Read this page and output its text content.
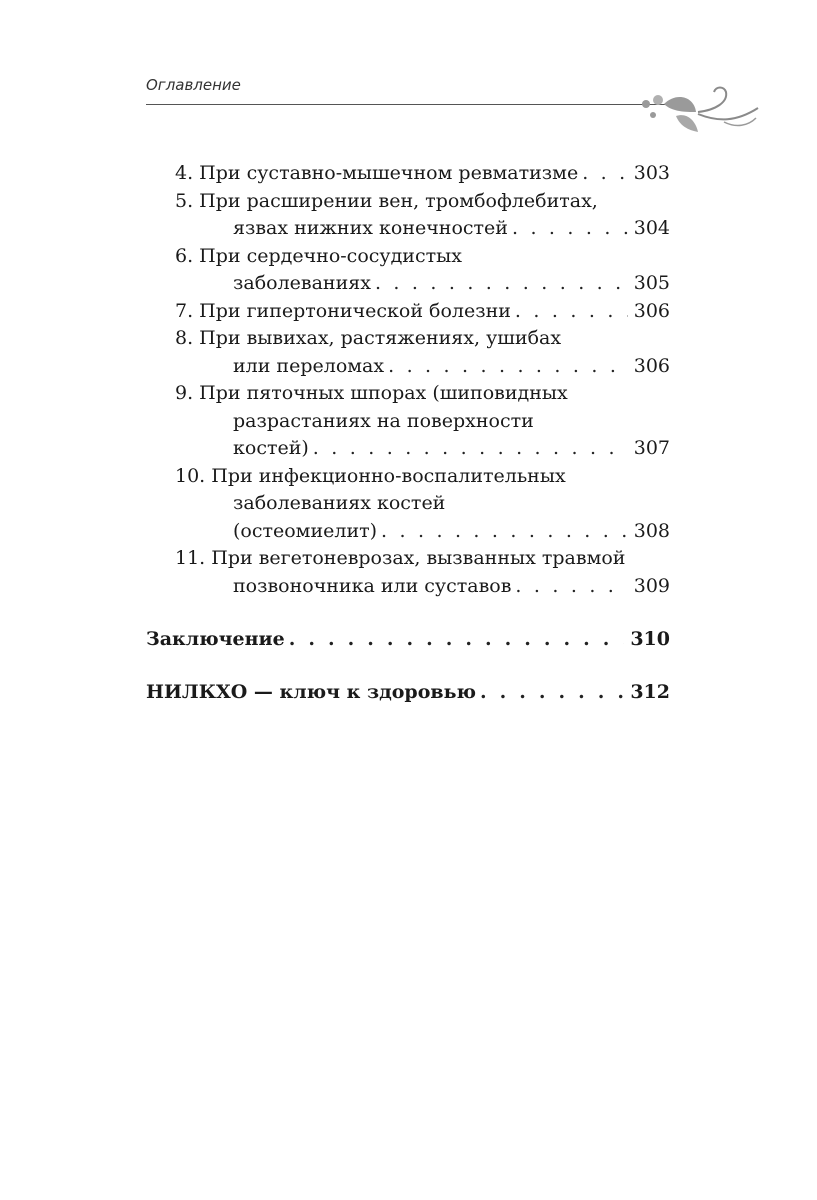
Оглавление
4. При суставно-мышечном ревматизме . . .	303
5. При расширении вен, тромбофлебитах,
язвах нижних конечностей . . .	304
6. При сердечно-сосудистых
заболеваниях . . .	305
7. При гипертонической болезни . . .	306
8. При вывихах, растяжениях, ушибах
или переломах . . .	306
9. При пяточных шпорах (шиповидных
разрастаниях на поверхности
костей) . . .	307
10. При инфекционно-воспалительных
заболеваниях костей
(остеомиелит) . . .	308
11. При вегетоневрозах, вызванных травмой
позвоночника или суставов . . .	309
Заключение . . .	310
НИЛКХО — ключ к здоровью . . .	312
